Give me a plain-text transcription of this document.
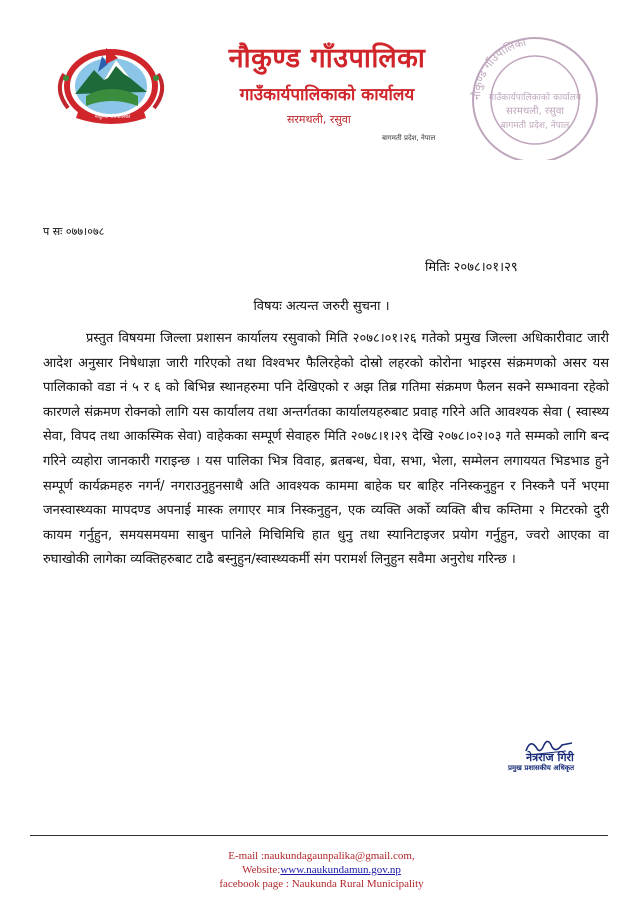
नौकुण्ड गाँउपालिका
नौकुण्ड गाँउपालिका
गाउँकार्यपालिकाको कार्यालय
सरमथली, रसुवा
बागमती प्रदेश, नेपाल
नौकुण्ड गाँउपालिका
गाउँकार्यपालिकाको कार्यालय
सरमथली, रसुवा
बागमती प्रदेश, नेपाल
प सः ०७७।०७८
मितिः २०७८।०१।२९
विषयः अत्यन्त जरुरी सुचना ।
प्रस्तुत विषयमा जिल्ला प्रशासन कार्यालय रसुवाको मिति २०७८।०१।२६ गतेको प्रमुख जिल्ला अधिकारीवाट जारी आदेश अनुसार निषेधाज्ञा जारी गरिएको तथा विश्वभर फैलिरहेको दोस्रो लहरको कोरोना भाइरस संक्रमणको असर यस पालिकाको वडा नं ५ र ६ को बिभिन्न स्थानहरुमा पनि देखिएको र अझ तिब्र गतिमा संक्रमण फैलन सक्ने सम्भावना रहेको कारणले संक्रमण रोक्नको लागि यस कार्यालय तथा अन्तर्गतका कार्यालयहरुबाट प्रवाह गरिने अति आवश्यक सेवा ( स्वास्थ्य सेवा, विपद तथा आकस्मिक सेवा) वाहेकका सम्पूर्ण सेवाहरु मिति २०७८।१।२९ देखि २०७८।०२।०३ गते सम्मको लागि बन्द गरिने व्यहोरा जानकारी गराइन्छ । यस पालिका भित्र विवाह, ब्रतबन्ध, घेवा, सभा, भेला, सम्मेलन लगाययत भिडभाड हुने सम्पूर्ण कार्यक्रमहरु नगर्न/ नगराउनुहुनसाथै अति आवश्यक काममा बाहेक घर बाहिर ननिस्कनुहुन र निस्कनै पर्ने भएमा जनस्वास्थ्यका मापदण्ड अपनाई मास्क लगाएर मात्र निस्कनुहुन, एक व्यक्ति अर्को व्यक्ति बीच कम्तिमा २ मिटरको दुरी कायम गर्नुहुन, समयसमयमा साबुन पानिले मिचिमिचि हात धुनु तथा स्यानिटाइजर प्रयोग गर्नुहुन, ज्वरो आएका वा रुघाखोकी लागेका व्यक्तिहरुबाट टाढै बस्नुहुन/स्वास्थ्यकर्मी संग परामर्श लिनुहुन सवैमा अनुरोध गरिन्छ ।
नेत्रराज गिरी
प्रमुख प्रशासकीय अधिकृत
E-mail :naukundagaunpalika@gmail.com,
Website:www.naukundamun.gov.np
facebook page : Naukunda Rural Municipality
